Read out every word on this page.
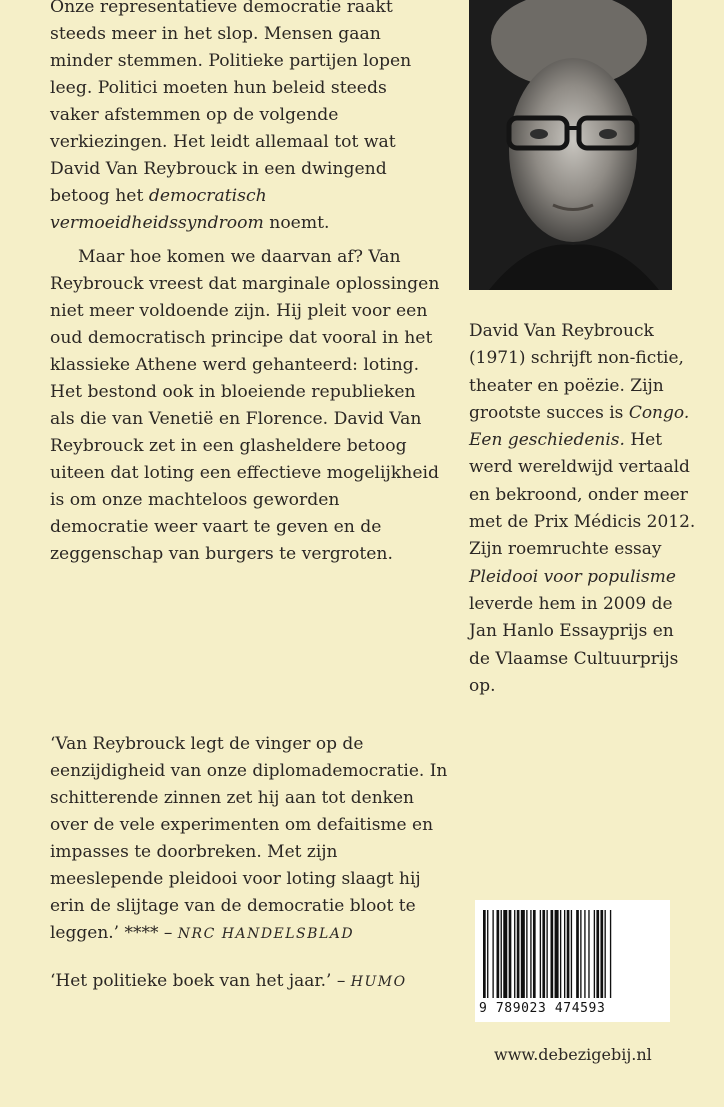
Onze representatieve democratie raakt steeds meer in het slop. Mensen gaan minder stemmen. Politieke partijen lopen leeg. Politici moeten hun beleid steeds vaker afstemmen op de volgende verkiezingen. Het leidt allemaal tot wat David Van Reybrouck in een dwingend betoog het democratisch vermoeidheidssyndroom noemt.

Maar hoe komen we daarvan af? Van Reybrouck vreest dat marginale oplossingen niet meer voldoende zijn. Hij pleit voor een oud democratisch principe dat vooral in het klassieke Athene werd gehanteerd: loting. Het bestond ook in bloeiende republieken als die van Venetië en Florence. David Van Reybrouck zet in een glasheldere betoog uiteen dat loting een effectieve mogelijkheid is om onze machteloos geworden democratie weer vaart te geven en de zeggenschap van burgers te vergroten.

David Van Reybrouck (1971) schrijft non-fictie, theater en poëzie. Zijn grootste succes is Congo. Een geschiedenis. Het werd wereldwijd vertaald en bekroond, onder meer met de Prix Médicis 2012. Zijn roemruchte essay Pleidooi voor populisme leverde hem in 2009 de Jan Hanlo Essayprijs en de Vlaamse Cultuurprijs op.

‘Van Reybrouck legt de vinger op de eenzijdigheid van onze diplomademocratie. In schitterende zinnen zet hij aan tot denken over de vele experimenten om defaitisme en impasses te doorbreken. Met zijn meeslepende pleidooi voor loting slaagt hij erin de slijtage van de democratie bloot te leggen.’ **** – NRC HANDELSBLAD

‘Het politieke boek van het jaar.’ – HUMO
9 789023 474593
www.debezigebij.nl
